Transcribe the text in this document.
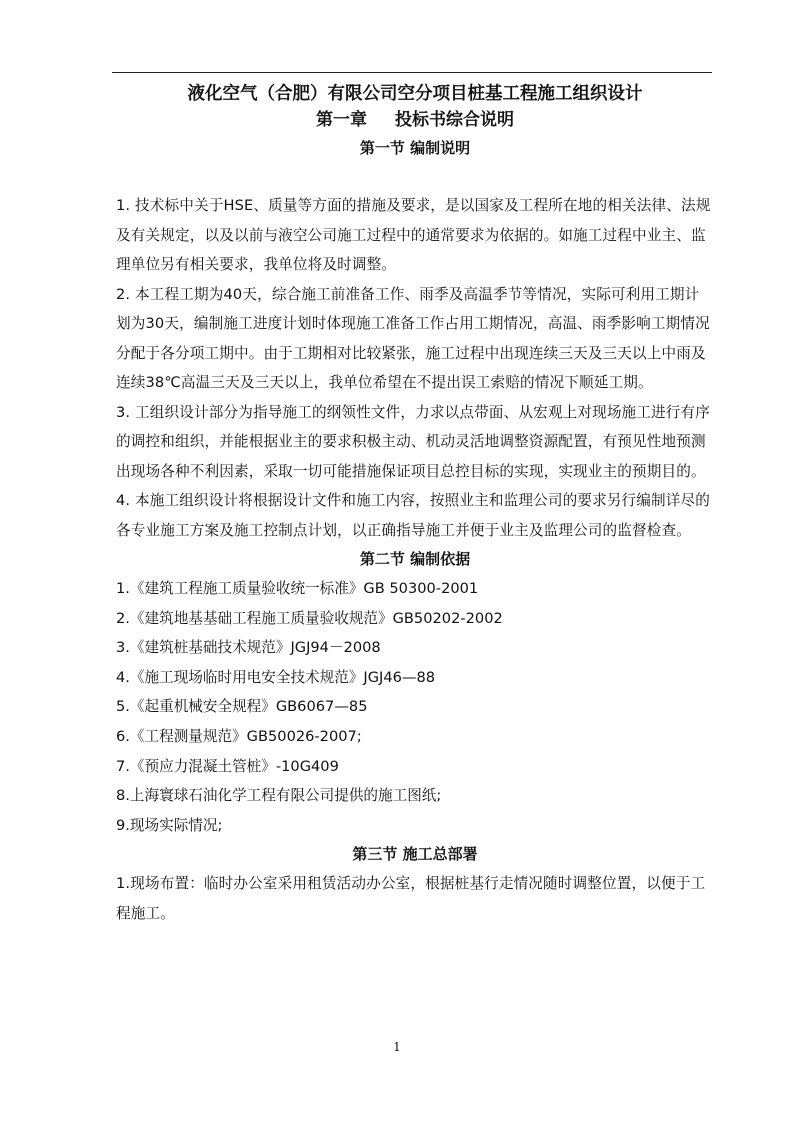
液化空气（合肥）有限公司空分项目桩基工程施工组织设计
第一章 投标书综合说明
第一节 编制说明

1. 技术标中关于HSE、质量等方面的措施及要求，是以国家及工程所在地的相关法律、法规及有关规定，以及以前与液空公司施工过程中的通常要求为依据的。如施工过程中业主、监理单位另有相关要求，我单位将及时调整。

2. 本工程工期为40天，综合施工前准备工作、雨季及高温季节等情况，实际可利用工期计划为30天，编制施工进度计划时体现施工准备工作占用工期情况，高温、雨季影响工期情况分配于各分项工期中。由于工期相对比较紧张，施工过程中出现连续三天及三天以上中雨及连续38℃高温三天及三天以上，我单位希望在不提出误工索赔的情况下顺延工期。

3. 工组织设计部分为指导施工的纲领性文件，力求以点带面、从宏观上对现场施工进行有序的调控和组织，并能根据业主的要求积极主动、机动灵活地调整资源配置，有预见性地预测出现场各种不利因素，采取一切可能措施保证项目总控目标的实现，实现业主的预期目的。

4. 本施工组织设计将根据设计文件和施工内容，按照业主和监理公司的要求另行编制详尽的各专业施工方案及施工控制点计划，以正确指导施工并便于业主及监理公司的监督检查。

第二节 编制依据

1.《建筑工程施工质量验收统一标准》GB 50300-2001

2.《建筑地基基础工程施工质量验收规范》GB50202-2002

3.《建筑桩基础技术规范》JGJ94－2008

4.《施工现场临时用电安全技术规范》JGJ46—88

5.《起重机械安全规程》GB6067—85

6.《工程测量规范》GB50026-2007;

7.《预应力混凝土管桩》-10G409

8.上海寰球石油化学工程有限公司提供的施工图纸;

9.现场实际情况;

第三节 施工总部署

1.现场布置：临时办公室采用租赁活动办公室，根据桩基行走情况随时调整位置，以便于工程施工。

1
